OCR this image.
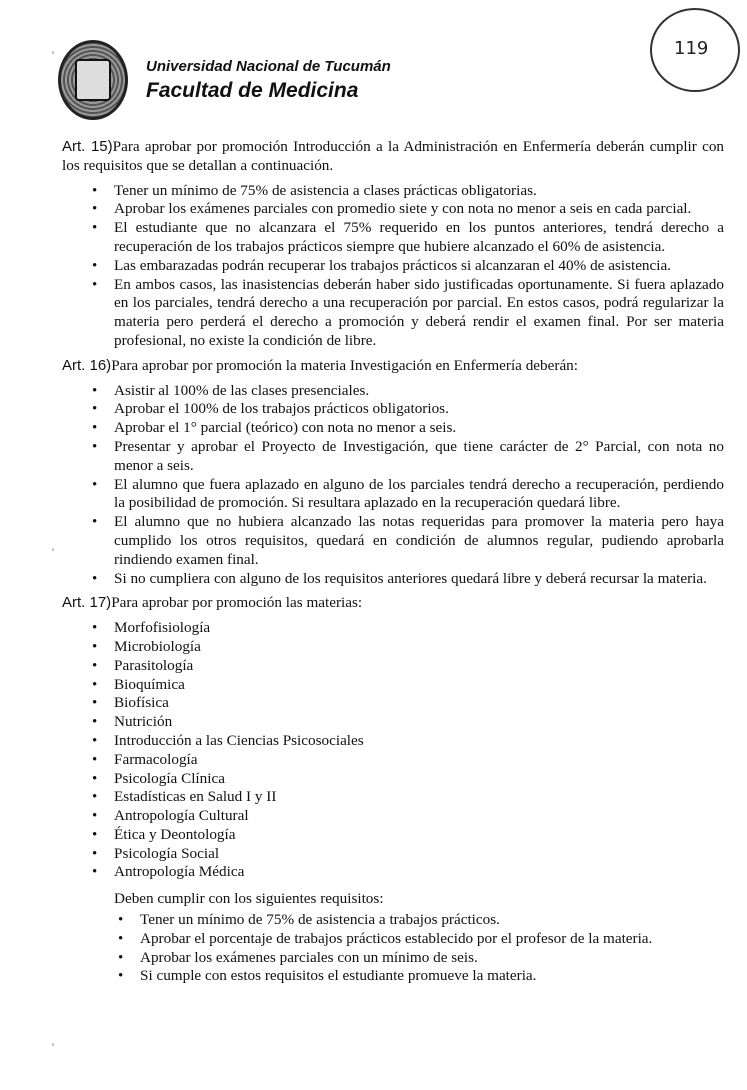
Universidad Nacional de Tucumán
Facultad de Medicina
119
'
'
'

Art. 15)Para aprobar por promoción Introducción a la Administración en Enfermería deberán cumplir con los requisitos que se detallan a continuación.

• Tener un mínimo de 75% de asistencia a clases prácticas obligatorias.
• Aprobar los exámenes parciales con promedio siete y con nota no menor a seis en cada parcial.
• El estudiante que no alcanzara el 75% requerido en los puntos anteriores, tendrá derecho a recuperación de los trabajos prácticos siempre que hubiere alcanzado el 60% de asistencia.
• Las embarazadas podrán recuperar los trabajos prácticos si alcanzaran el 40% de asistencia.
• En ambos casos, las inasistencias deberán haber sido justificadas oportunamente. Si fuera aplazado en los parciales, tendrá derecho a una recuperación por parcial. En estos casos, podrá regularizar la materia pero perderá el derecho a promoción y deberá rendir el examen final. Por ser materia profesional, no existe la condición de libre.

Art. 16)Para aprobar por promoción la materia Investigación en Enfermería deberán:

• Asistir al 100% de las clases presenciales.
• Aprobar el 100% de los trabajos prácticos obligatorios.
• Aprobar el 1° parcial (teórico) con nota no menor a seis.
• Presentar y aprobar el Proyecto de Investigación, que tiene carácter de 2° Parcial, con nota no menor a seis.
• El alumno que fuera aplazado en alguno de los parciales tendrá derecho a recuperación, perdiendo la posibilidad de promoción. Si resultara aplazado en la recuperación quedará libre.
• El alumno que no hubiera alcanzado las notas requeridas para promover la materia pero haya cumplido los otros requisitos, quedará en condición de alumnos regular, pudiendo aprobarla rindiendo examen final.
• Si no cumpliera con alguno de los requisitos anteriores quedará libre y deberá recursar la materia.

Art. 17)Para aprobar por promoción las materias:

• Morfofisiología
• Microbiología
• Parasitología
• Bioquímica
• Biofísica
• Nutrición
• Introducción a las Ciencias Psicosociales
• Farmacología
• Psicología Clínica
• Estadísticas en Salud I y II
• Antropología Cultural
• Ética y Deontología
• Psicología Social
• Antropología Médica

Deben cumplir con los siguientes requisitos:

• Tener un mínimo de 75% de asistencia a trabajos prácticos.
• Aprobar el porcentaje de trabajos prácticos establecido por el profesor de la materia.
• Aprobar los exámenes parciales con un mínimo de seis.
• Si cumple con estos requisitos el estudiante promueve la materia.
